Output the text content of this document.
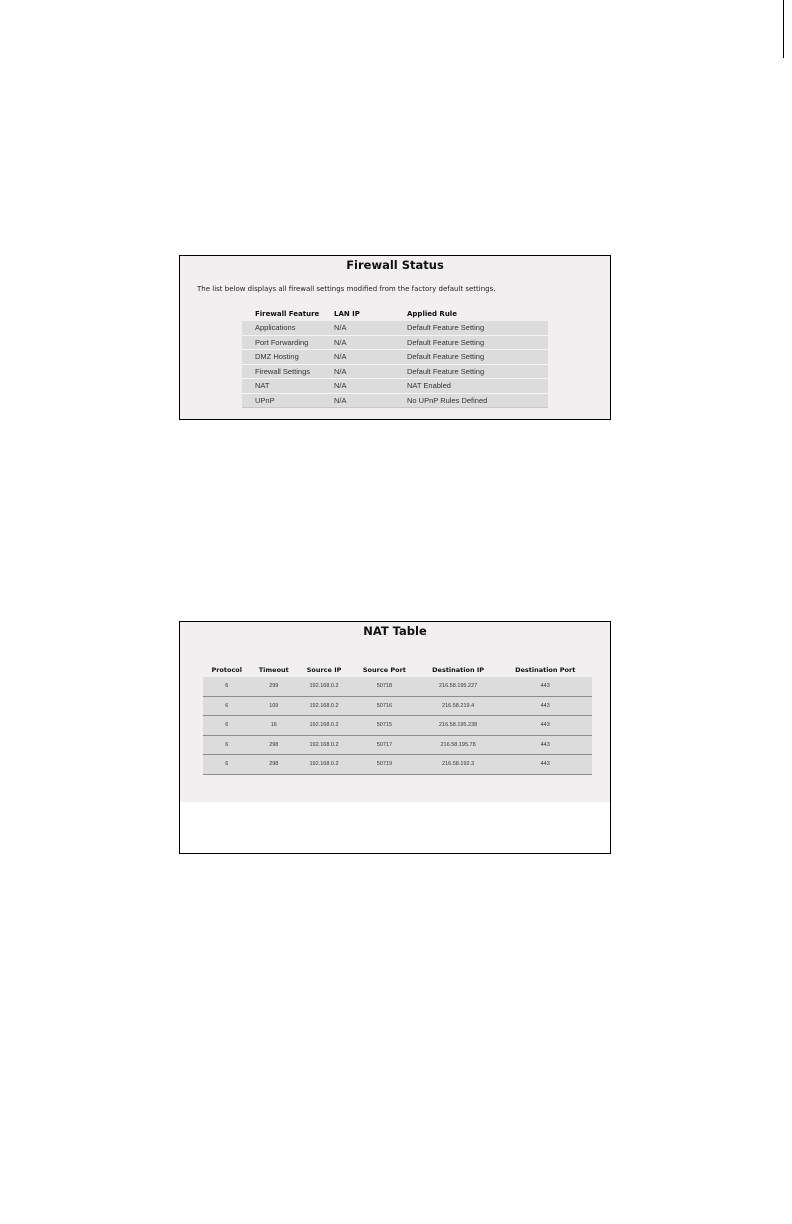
Firewall Status
The list below displays all firewall settings modified from the factory default settings.
Firewall Feature	LAN IP	Applied Rule
Applications	N/A	Default Feature Setting
Port Forwarding	N/A	Default Feature Setting
DMZ Hosting	N/A	Default Feature Setting
Firewall Settings	N/A	Default Feature Setting
NAT	N/A	NAT Enabled
UPnP	N/A	No UPnP Rules Defined
NAT Table
Protocol	Timeout	Source IP	Source Port	Destination IP	Destination Port
6	299	192.168.0.2	50718	216.58.195.227	443
6	109	192.168.0.2	50716	216.58.219.4	443
6	16	192.168.0.2	50715	216.58.195.238	443
6	298	192.168.0.2	50717	216.58.195.78	443
6	298	192.168.0.2	50719	216.58.192.3	443
